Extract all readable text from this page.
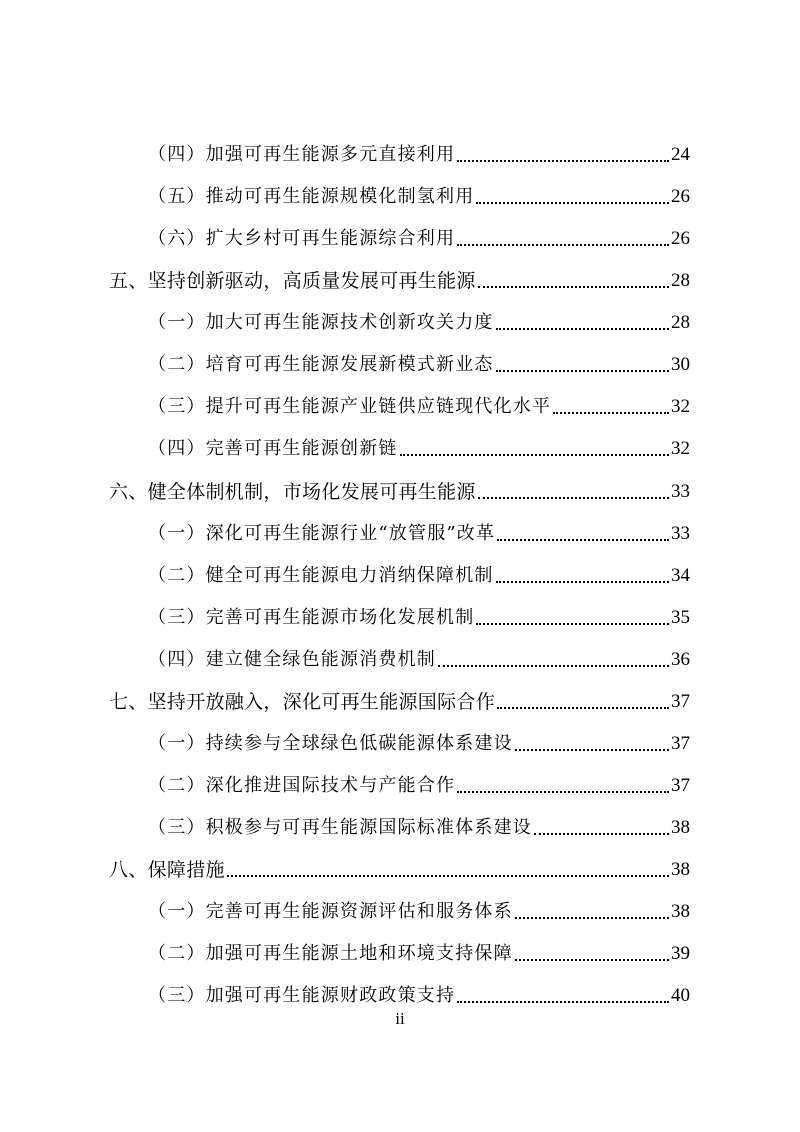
（四）加强可再生能源多元直接利用	24
（五）推动可再生能源规模化制氢利用	26
（六）扩大乡村可再生能源综合利用	26
五、坚持创新驱动，高质量发展可再生能源	28
（一）加大可再生能源技术创新攻关力度	28
（二）培育可再生能源发展新模式新业态	30
（三）提升可再生能源产业链供应链现代化水平	32
（四）完善可再生能源创新链	32
六、健全体制机制，市场化发展可再生能源	33
（一）深化可再生能源行业“放管服”改革	33
（二）健全可再生能源电力消纳保障机制	34
（三）完善可再生能源市场化发展机制	35
（四）建立健全绿色能源消费机制	36
七、坚持开放融入，深化可再生能源国际合作	37
（一）持续参与全球绿色低碳能源体系建设	37
（二）深化推进国际技术与产能合作	37
（三）积极参与可再生能源国际标准体系建设	38
八、保障措施	38
（一）完善可再生能源资源评估和服务体系	38
（二）加强可再生能源土地和环境支持保障	39
（三）加强可再生能源财政政策支持	40
ii
